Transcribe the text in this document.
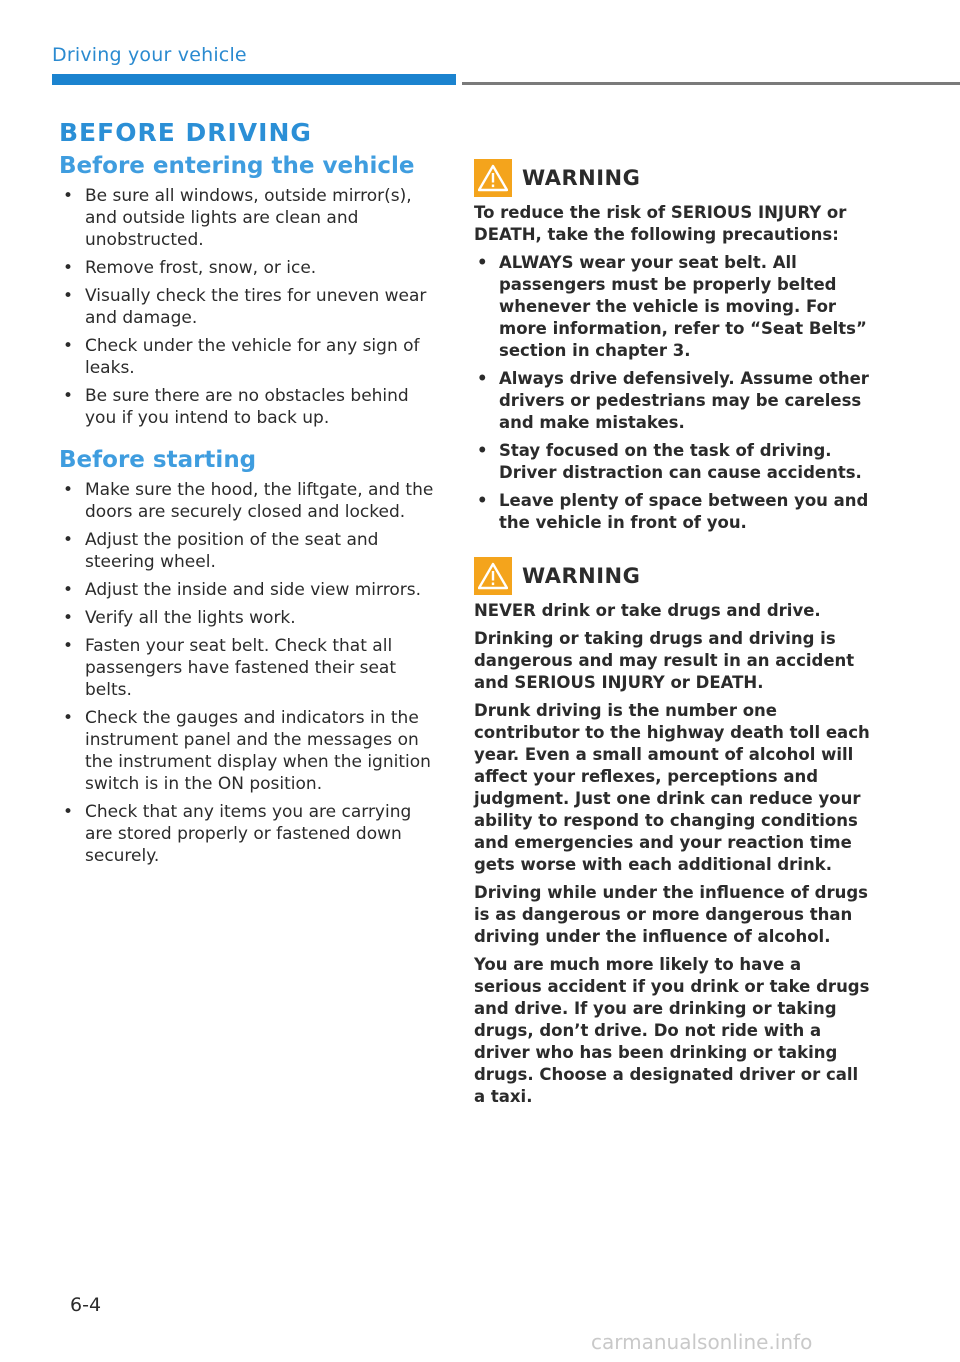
Driving your vehicle
BEFORE DRIVING
Before entering the vehicle
• Be sure all windows, outside mirror(s), and outside lights are clean and unobstructed.
• Remove frost, snow, or ice.
• Visually check the tires for uneven wear and damage.
• Check under the vehicle for any sign of leaks.
• Be sure there are no obstacles behind you if you intend to back up.
Before starting
• Make sure the hood, the liftgate, and the doors are securely closed and locked.
• Adjust the position of the seat and steering wheel.
• Adjust the inside and side view mirrors.
• Verify all the lights work.
• Fasten your seat belt. Check that all passengers have fastened their seat belts.
• Check the gauges and indicators in the instrument panel and the messages on the instrument display when the ignition switch is in the ON position.
• Check that any items you are carrying are stored properly or fastened down securely.
WARNING

To reduce the risk of SERIOUS INJURY or DEATH, take the following precautions:

• ALWAYS wear your seat belt. All passengers must be properly belted whenever the vehicle is moving. For more information, refer to “Seat Belts” section in chapter 3.
• Always drive defensively. Assume other drivers or pedestrians may be careless and make mistakes.
• Stay focused on the task of driving. Driver distraction can cause accidents.
• Leave plenty of space between you and the vehicle in front of you.
WARNING

NEVER drink or take drugs and drive.

Drinking or taking drugs and driving is dangerous and may result in an accident and SERIOUS INJURY or DEATH.

Drunk driving is the number one contributor to the highway death toll each year. Even a small amount of alcohol will affect your reflexes, perceptions and judgment. Just one drink can reduce your ability to respond to changing conditions and emergencies and your reaction time gets worse with each additional drink.

Driving while under the influence of drugs is as dangerous or more dangerous than driving under the influence of alcohol.

You are much more likely to have a serious accident if you drink or take drugs and drive. If you are drinking or taking drugs, don’t drive. Do not ride with a driver who has been drinking or taking drugs. Choose a designated driver or call a taxi.

6-4
carmanualsonline.info
